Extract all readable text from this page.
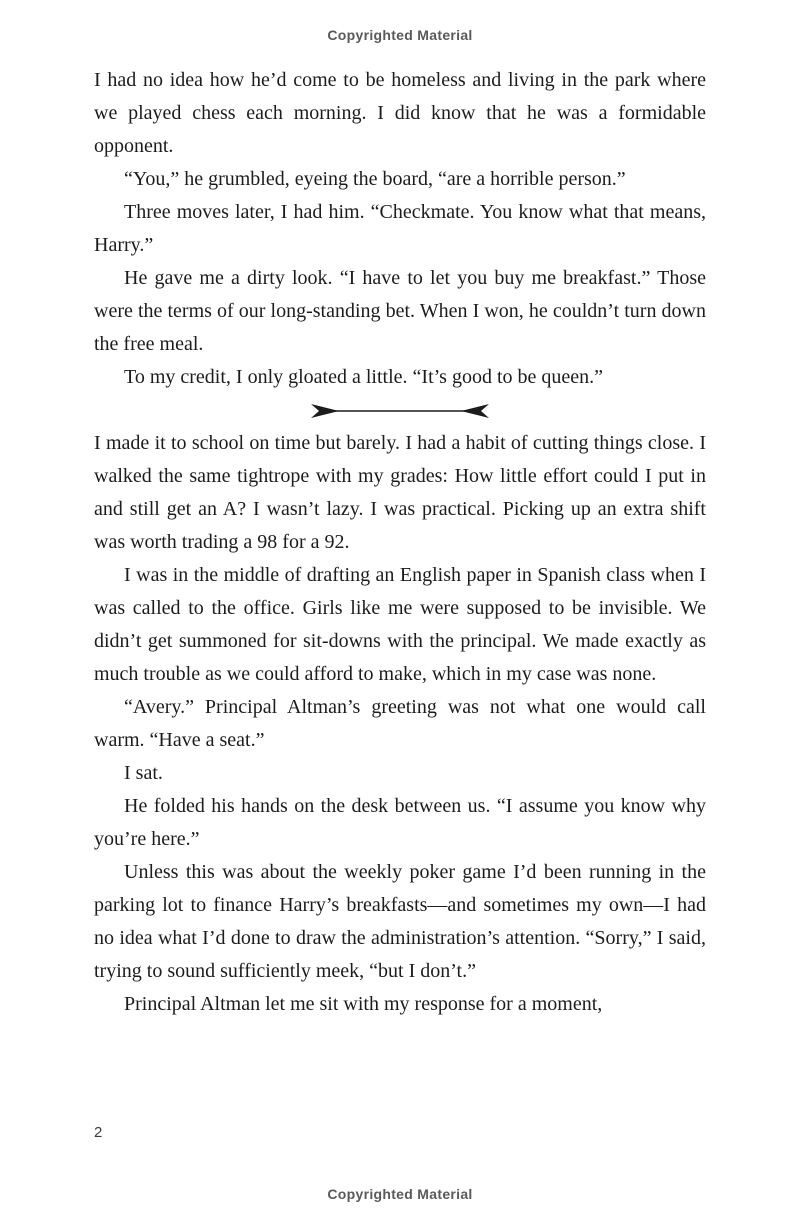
Copyrighted Material

I had no idea how he’d come to be homeless and living in the park where we played chess each morning. I did know that he was a formidable opponent.

“You,” he grumbled, eyeing the board, “are a horrible person.”

Three moves later, I had him. “Checkmate. You know what that means, Harry.”

He gave me a dirty look. “I have to let you buy me breakfast.” Those were the terms of our long-standing bet. When I won, he couldn’t turn down the free meal.

To my credit, I only gloated a little. “It’s good to be queen.”

I made it to school on time but barely. I had a habit of cutting things close. I walked the same tightrope with my grades: How little effort could I put in and still get an A? I wasn’t lazy. I was practical. Picking up an extra shift was worth trading a 98 for a 92.

I was in the middle of drafting an English paper in Spanish class when I was called to the office. Girls like me were supposed to be invisible. We didn’t get summoned for sit-downs with the principal. We made exactly as much trouble as we could afford to make, which in my case was none.

“Avery.” Principal Altman’s greeting was not what one would call warm. “Have a seat.”

I sat.

He folded his hands on the desk between us. “I assume you know why you’re here.”

Unless this was about the weekly poker game I’d been running in the parking lot to finance Harry’s breakfasts—and sometimes my own—I had no idea what I’d done to draw the administration’s attention. “Sorry,” I said, trying to sound sufficiently meek, “but I don’t.”

Principal Altman let me sit with my response for a moment,

2
Copyrighted Material
